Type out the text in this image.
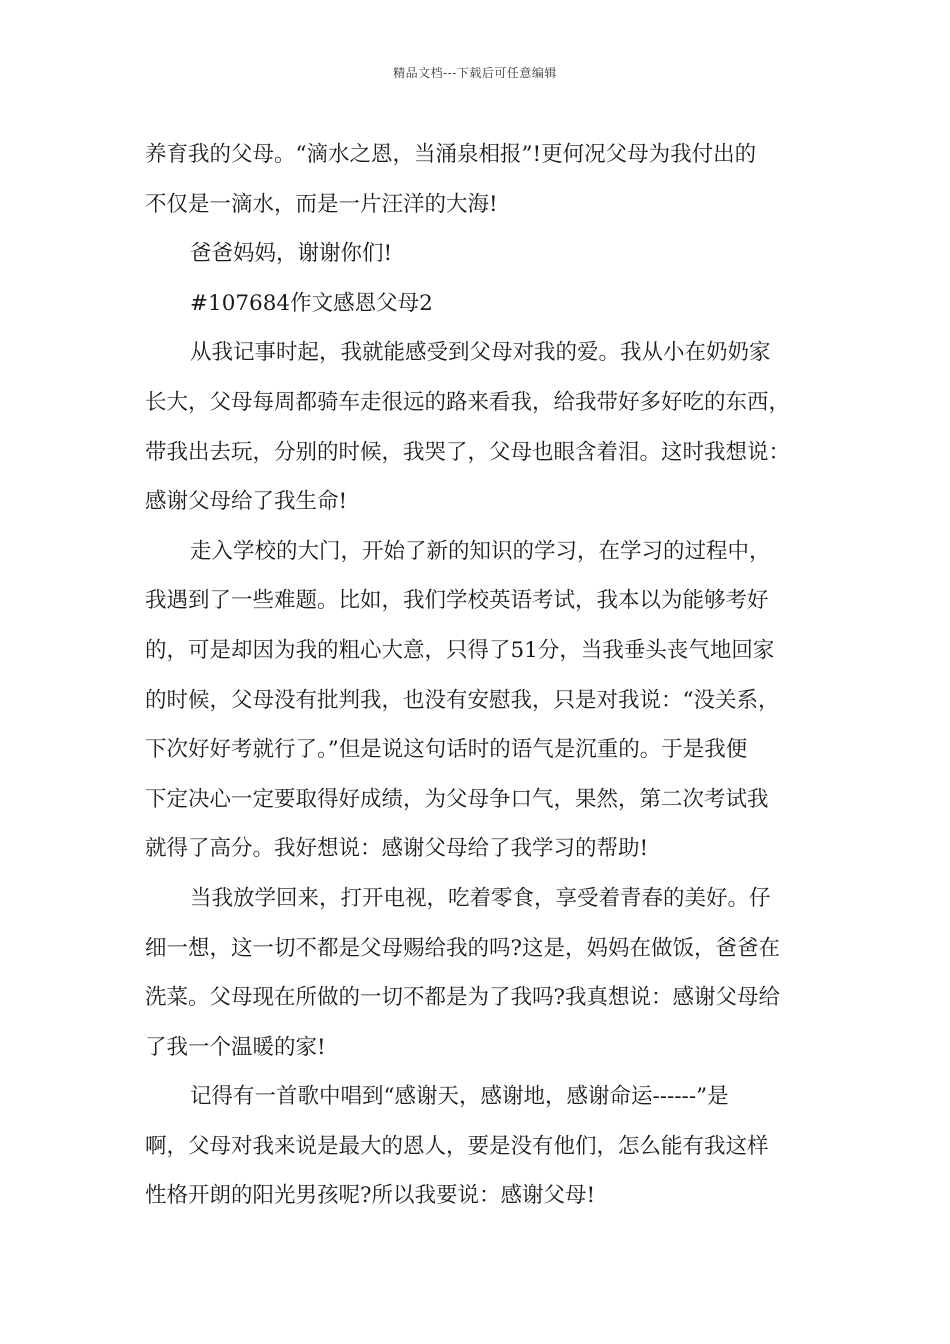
精品文档---下载后可任意编辑
养育我的父母。“滴水之恩，当涌泉相报”!更何况父母为我付出的
不仅是一滴水，而是一片汪洋的大海!
爸爸妈妈，谢谢你们!
#107684作文感恩父母2
从我记事时起，我就能感受到父母对我的爱。我从小在奶奶家
长大，父母每周都骑车走很远的路来看我，给我带好多好吃的东西，
带我出去玩，分别的时候，我哭了，父母也眼含着泪。这时我想说：
感谢父母给了我生命!
走入学校的大门，开始了新的知识的学习，在学习的过程中，
我遇到了一些难题。比如，我们学校英语考试，我本以为能够考好
的，可是却因为我的粗心大意，只得了51分，当我垂头丧气地回家
的时候，父母没有批判我，也没有安慰我，只是对我说：“没关系，
下次好好考就行了。”但是说这句话时的语气是沉重的。于是我便
下定决心一定要取得好成绩，为父母争口气，果然，第二次考试我
就得了高分。我好想说：感谢父母给了我学习的帮助!
当我放学回来，打开电视，吃着零食，享受着青春的美好。仔
细一想，这一切不都是父母赐给我的吗?这是，妈妈在做饭，爸爸在
洗菜。父母现在所做的一切不都是为了我吗?我真想说：感谢父母给
了我一个温暖的家!
记得有一首歌中唱到“感谢天，感谢地，感谢命运------”是
啊，父母对我来说是最大的恩人，要是没有他们，怎么能有我这样
性格开朗的阳光男孩呢?所以我要说：感谢父母!
